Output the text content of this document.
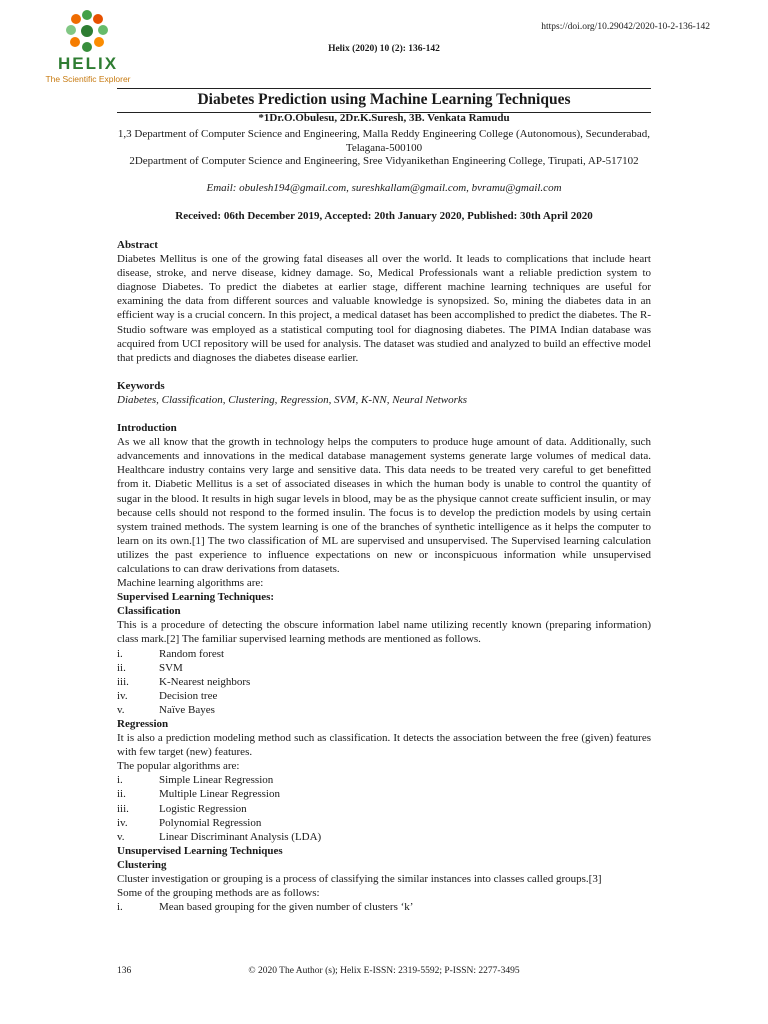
HELIX
The Scientific Explorer
https://doi.org/10.29042/2020-10-2-136-142
Helix (2020) 10 (2): 136-142
Diabetes Prediction using Machine Learning Techniques
*1Dr.O.Obulesu, 2Dr.K.Suresh, 3B. Venkata Ramudu
1,3 Department of Computer Science and Engineering, Malla Reddy Engineering College (Autonomous), Secunderabad, Telagana-500100
2Department of Computer Science and Engineering, Sree Vidyanikethan Engineering College, Tirupati, AP-517102
Email: obulesh194@gmail.com, sureshkallam@gmail.com, bvramu@gmail.com
Received: 06th December 2019, Accepted: 20th January 2020, Published: 30th April 2020

Abstract

Diabetes Mellitus is one of the growing fatal diseases all over the world. It leads to complications that include heart disease, stroke, and nerve disease, kidney damage. So, Medical Professionals want a reliable prediction system to diagnose Diabetes. To predict the diabetes at earlier stage, different machine learning techniques are useful for examining the data from different sources and valuable knowledge is synopsized. So, mining the diabetes data in an efficient way is a crucial concern. In this project, a medical dataset has been accomplished to predict the diabetes. The R-Studio software was employed as a statistical computing tool for diagnosing diabetes. The PIMA Indian database was acquired from UCI repository will be used for analysis. The dataset was studied and analyzed to build an effective model that predicts and diagnoses the diabetes disease earlier.

Keywords

Diabetes, Classification, Clustering, Regression, SVM, K-NN, Neural Networks

Introduction

As we all know that the growth in technology helps the computers to produce huge amount of data. Additionally, such advancements and innovations in the medical database management systems generate large volumes of medical data. Healthcare industry contains very large and sensitive data. This data needs to be treated very careful to get benefitted from it. Diabetic Mellitus is a set of associated diseases in which the human body is unable to control the quantity of sugar in the blood. It results in high sugar levels in blood, may be as the physique cannot create sufficient insulin, or may because cells should not respond to the formed insulin. The focus is to develop the prediction models by using certain system trained methods. The system learning is one of the branches of synthetic intelligence as it helps the computer to learn on its own.[1] The two classification of ML are supervised and unsupervised. The Supervised learning calculation utilizes the past experience to influence expectations on new or inconspicuous information while unsupervised calculations to can draw derivations from datasets.

Machine learning algorithms are:

Supervised Learning Techniques:

Classification

This is a procedure of detecting the obscure information label name utilizing recently known (preparing information) class mark.[2] The familiar supervised learning methods are mentioned as follows.

i.	Random forest
ii.	SVM
iii.	K-Nearest neighbors
iv.	Decision tree
v.	Naïve Bayes

Regression

It is also a prediction modeling method such as classification. It detects the association between the free (given) features with few target (new) features.

The popular algorithms are:

i.	Simple Linear Regression
ii.	Multiple Linear Regression
iii.	Logistic Regression
iv.	Polynomial Regression
v.	Linear Discriminant Analysis (LDA)

Unsupervised Learning Techniques

Clustering

Cluster investigation or grouping is a process of classifying the similar instances into classes called groups.[3]

Some of the grouping methods are as follows:

i.	Mean based grouping for the given number of clusters ‘k’
136	© 2020 The Author (s); Helix E-ISSN: 2319-5592; P-ISSN: 2277-3495
